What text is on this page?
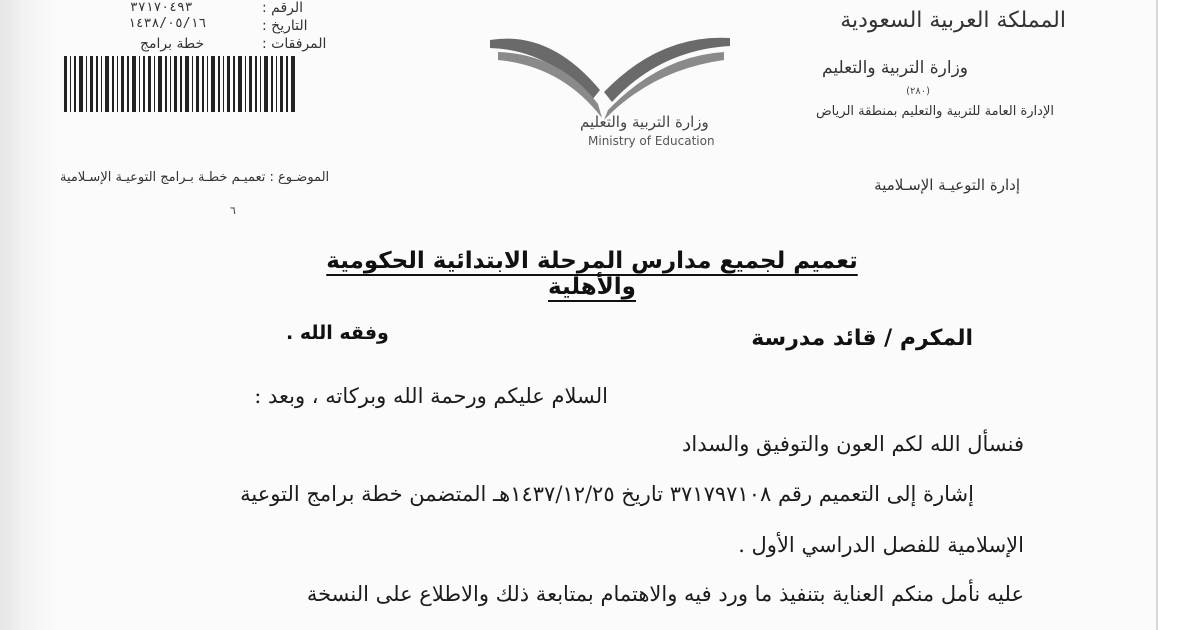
المملكة العربية السعودية
وزارة التربية والتعليم
(٢٨٠)
الإدارة العامة للتربية والتعليم بمنطقة الرياض
إدارة التوعيـة الإسـلامية
وزارة التربية والتعليم
Ministry of Education
الرقم :
٣٧١٧٠٤٩٣
التاريخ :
١٤٣٨/٠٥/١٦
المرفقات :
خطة برامج
الموضـوع : تعميـم خطـة بـرامج التوعيـة الإسـلامية
٦
تعميم لجميع مدارس المرحلة الابتدائية الحكومية والأهلية
المكرم / قائد مدرسة
وفقه الله .
السلام عليكم ورحمة الله وبركاته ، وبعد :
فنسأل الله لكم العون والتوفيق والسداد
إشارة إلى التعميم رقم ٣٧١٧٩٧١٠٨ تاريخ ١٤٣٧/١٢/٢٥هـ المتضمن خطة برامج التوعية
الإسلامية للفصل الدراسي الأول .
عليه نأمل منكم العناية بتنفيذ ما ورد فيه والاهتمام بمتابعة ذلك والاطلاع على النسخة
